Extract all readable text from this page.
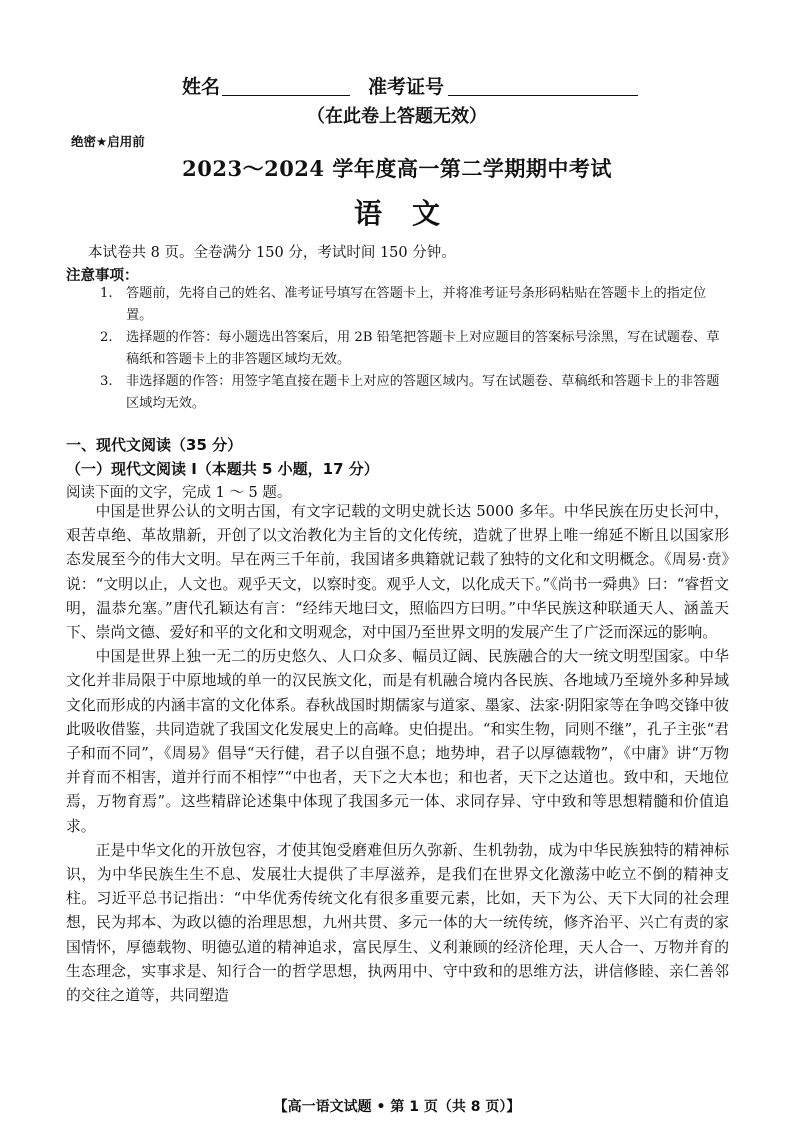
姓名	准考证号
（在此卷上答题无效）
绝密★启用前
2023～2024 学年度高一第二学期期中考试
语文
本试卷共 8 页。全卷满分 150 分，考试时间 150 分钟。
注意事项：
1. 答题前，先将自己的姓名、准考证号填写在答题卡上，并将准考证号条形码粘贴在答题卡上的指定位置。
2. 选择题的作答：每小题选出答案后，用 2B 铅笔把答题卡上对应题目的答案标号涂黑，写在试题卷、草稿纸和答题卡上的非答题区域均无效。
3. 非选择题的作答：用签字笔直接在题卡上对应的答题区域内。写在试题卷、草稿纸和答题卡上的非答题区域均无效。
一、现代文阅读（35 分）
（一）现代文阅读 I（本题共 5 小题，17 分）
阅读下面的文字，完成 1 ～ 5 题。

中国是世界公认的文明古国，有文字记载的文明史就长达 5000 多年。中华民族在历史长河中，艰苦卓绝、革故鼎新，开创了以文治教化为主旨的文化传统，造就了世界上唯一绵延不断且以国家形态发展至今的伟大文明。早在两三千年前，我国诸多典籍就记载了独特的文化和文明概念。《周易·贲》说：“文明以止，人文也。观乎天文，以察时变。观乎人文，以化成天下。”《尚书一舜典》曰：“睿哲文明，温恭允塞。”唐代孔颖达有言：“经纬天地曰文，照临四方曰明。”中华民族这种联通天人、涵盖天下、崇尚文德、爱好和平的文化和文明观念，对中国乃至世界文明的发展产生了广泛而深远的影响。

中国是世界上独一无二的历史悠久、人口众多、幅员辽阔、民族融合的大一统文明型国家。中华文化并非局限于中原地域的单一的汉民族文化，而是有机融合境内各民族、各地域乃至境外多种异域文化而形成的内涵丰富的文化体系。春秋战国时期儒家与道家、墨家、法家·阴阳家等在争鸣交锋中彼此吸收借鉴，共同造就了我国文化发展史上的高峰。史伯提出。“和实生物，同则不继”，孔子主张“君子和而不同”，《周易》倡导“天行健，君子以自强不息；地势坤，君子以厚德载物”，《中庸》讲“万物并育而不相害，道并行而不相悖”“中也者，天下之大本也；和也者，天下之达道也。致中和，天地位焉，万物育焉”。这些精辟论述集中体现了我国多元一体、求同存异、守中致和等思想精髓和价值追求。

正是中华文化的开放包容，才使其饱受磨难但历久弥新、生机勃勃，成为中华民族独特的精神标识，为中华民族生生不息、发展壮大提供了丰厚滋养，是我们在世界文化激荡中屹立不倒的精神支柱。习近平总书记指出：“中华优秀传统文化有很多重要元素，比如，天下为公、天下大同的社会理想，民为邦本、为政以德的治理思想，九州共贯、多元一体的大一统传统，修齐治平、兴亡有责的家国情怀，厚德载物、明德弘道的精神追求，富民厚生、义利兼顾的经济伦理，天人合一、万物并育的生态理念，实事求是、知行合一的哲学思想，执两用中、守中致和的思维方法，讲信修睦、亲仁善邻的交往之道等，共同塑造

【高一语文试题 • 第 1 页（共 8 页）】
